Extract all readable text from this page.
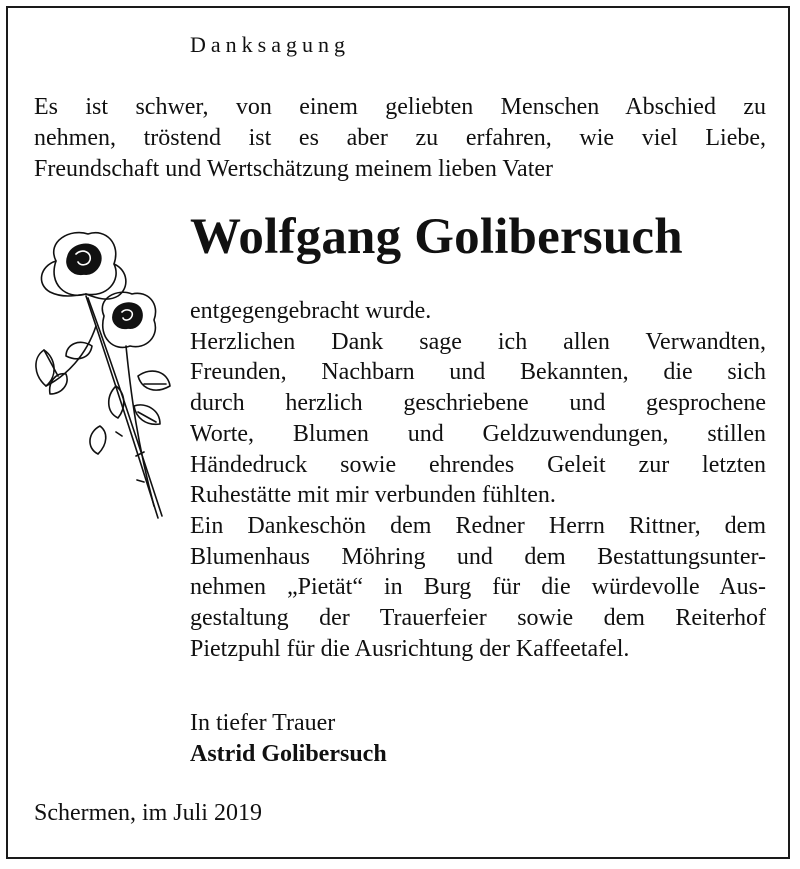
Danksagung

Es ist schwer, von einem geliebten Menschen Abschied zu

nehmen, tröstend ist es aber zu erfahren, wie viel Liebe,

Freundschaft und Wertschätzung meinem lieben Vater

Wolfgang Golibersuch
entgegengebracht wurde.
Herzlichen Dank sage ich allen Verwandten,
Freunden, Nachbarn und Bekannten, die sich
durch herzlich geschriebene und gesprochene
Worte, Blumen und Geldzuwendungen, stillen
Händedruck sowie ehrendes Geleit zur letzten
Ruhestätte mit mir verbunden fühlten.
Ein Dankeschön dem Redner Herrn Rittner, dem
Blumenhaus Möhring und dem Bestattungsunter-
nehmen „Pietät“ in Burg für die würdevolle Aus-
gestaltung der Trauerfeier sowie dem Reiterhof
Pietzpuhl für die Ausrichtung der Kaffeetafel.
In tiefer Trauer
Astrid Golibersuch
Schermen, im Juli 2019
